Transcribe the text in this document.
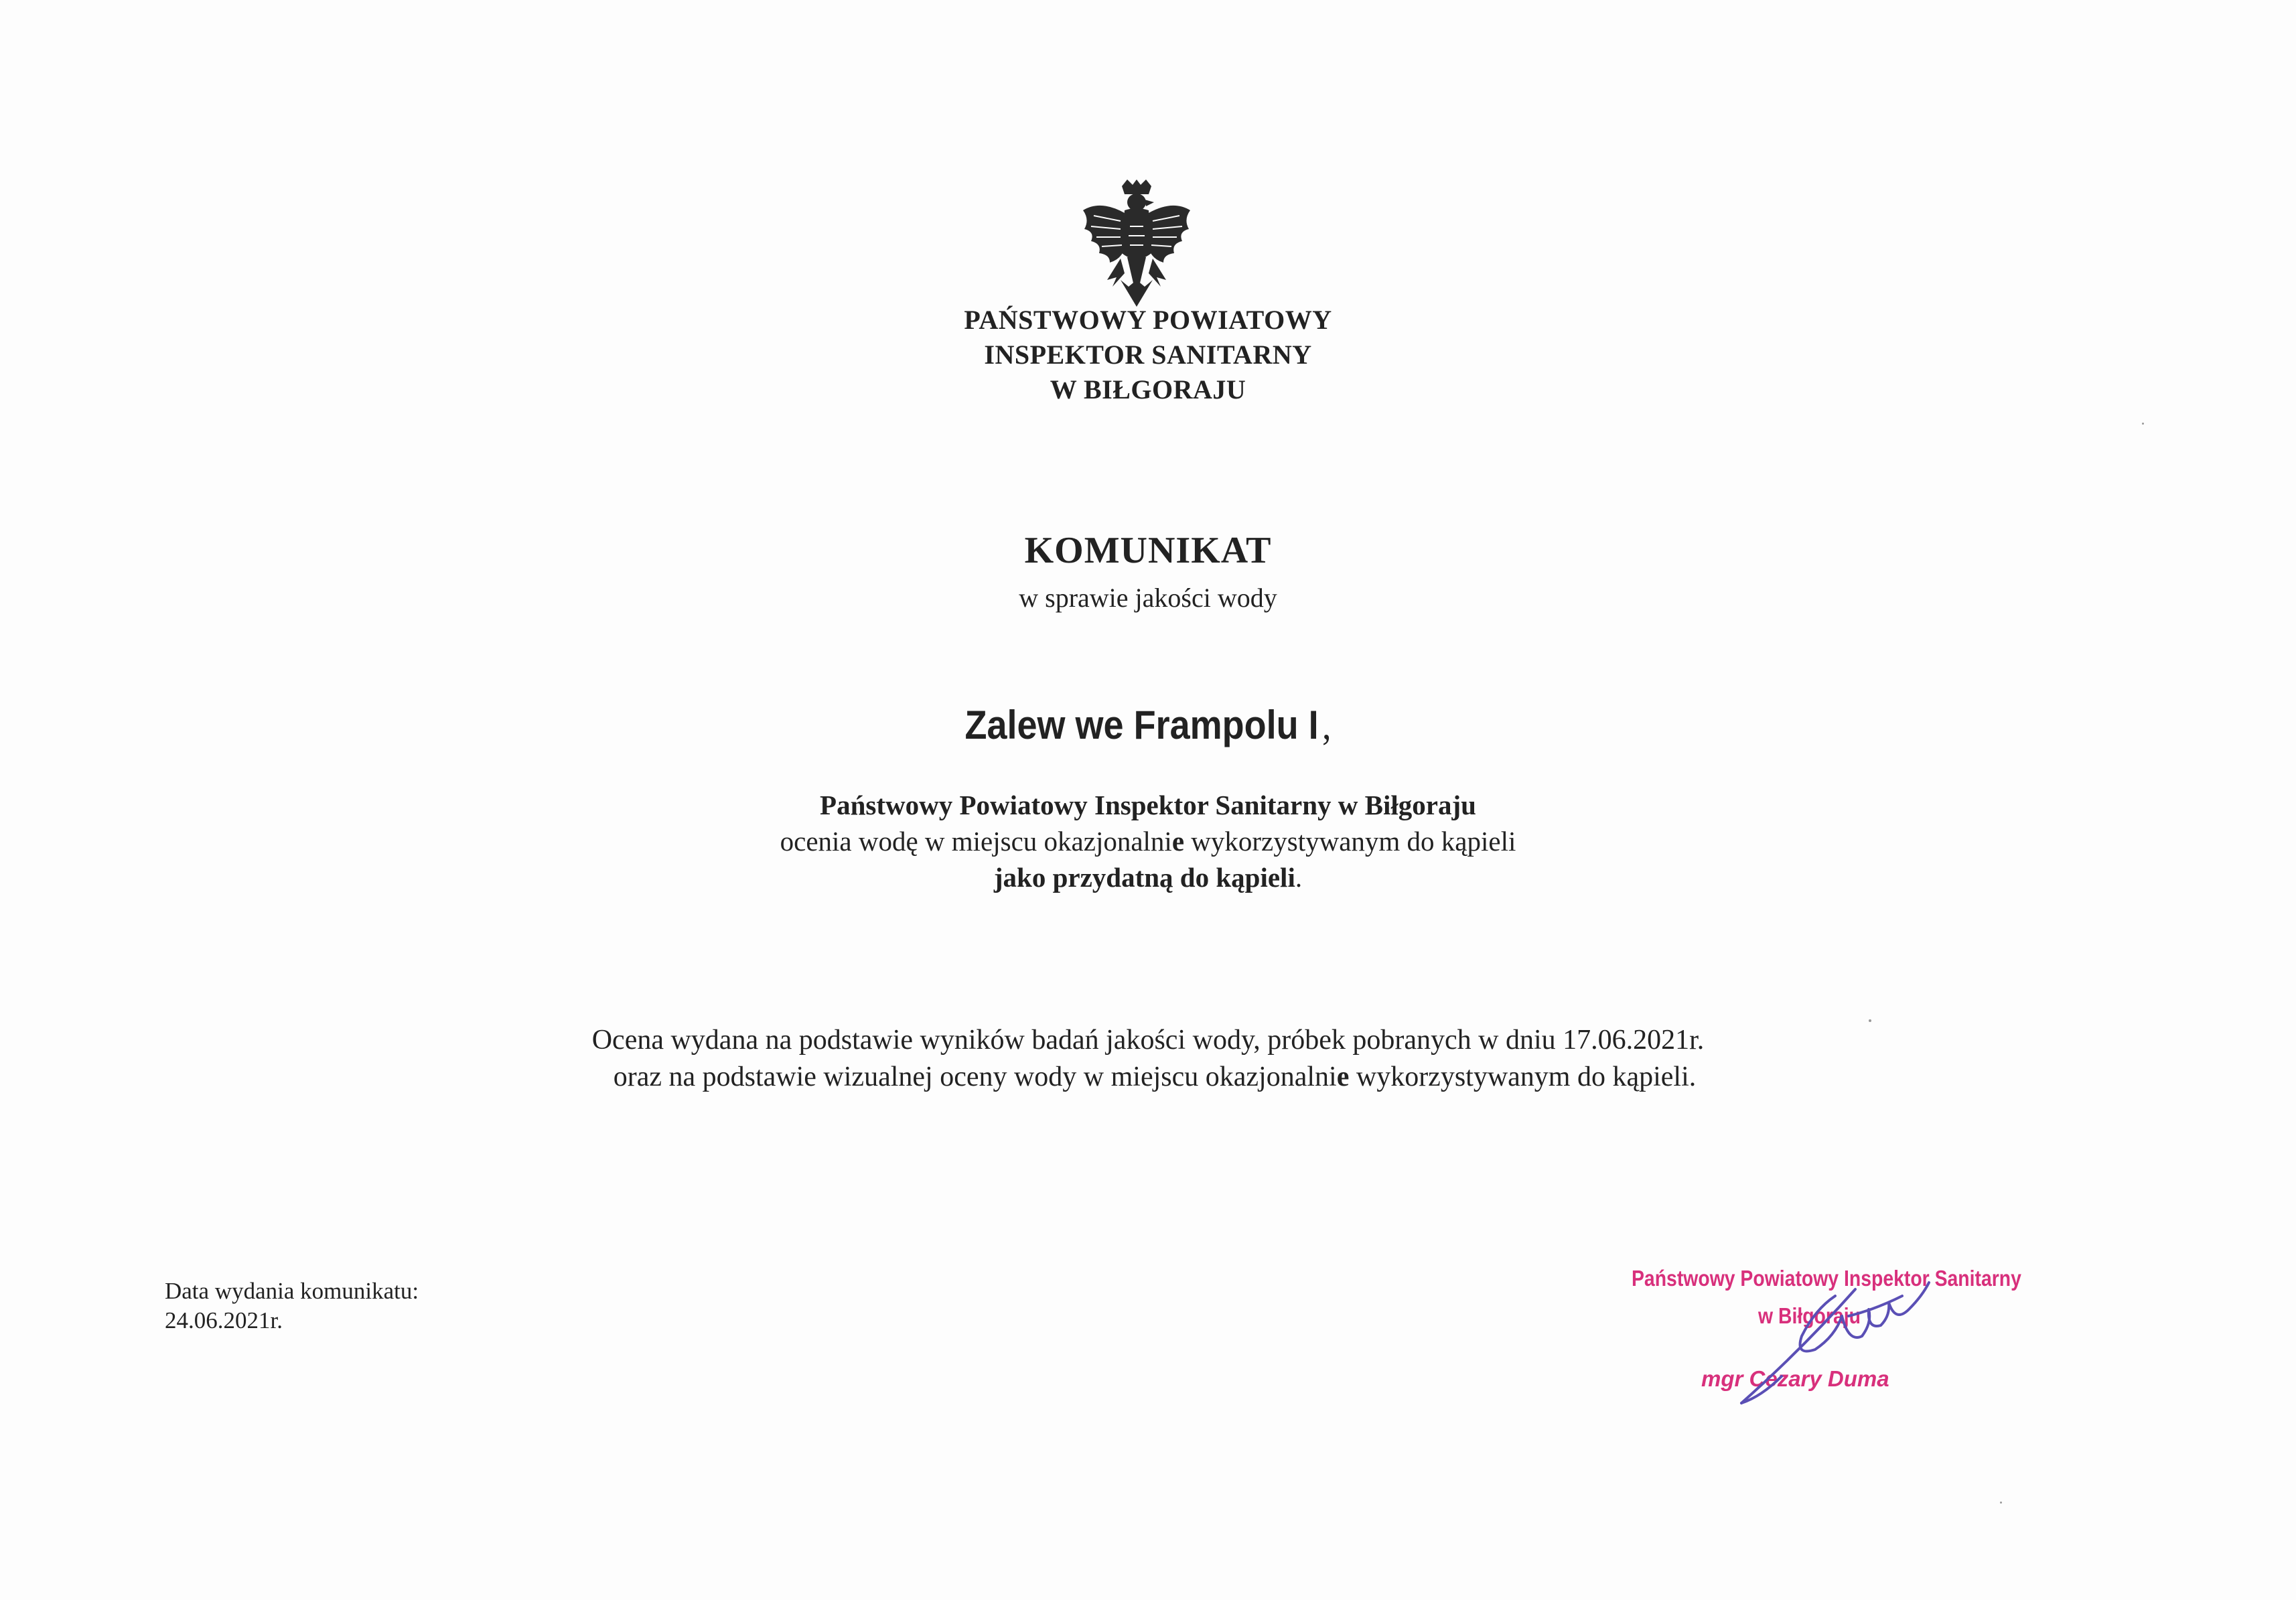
PAŃSTWOWY POWIATOWY
INSPEKTOR SANITARNY
W BIŁGORAJU
KOMUNIKAT
w sprawie jakości wody
Zalew we Frampolu I,
Państwowy Powiatowy Inspektor Sanitarny w Biłgoraju
ocenia wodę w miejscu okazjonalnie wykorzystywanym do kąpieli
jako przydatną do kąpieli.
Ocena wydana na podstawie wyników badań jakości wody, próbek pobranych w dniu 17.06.2021r.
oraz na podstawie wizualnej oceny wody w miejscu okazjonalnie wykorzystywanym do kąpieli.
Data wydania komunikatu:
24.06.2021r.
Państwowy Powiatowy Inspektor Sanitarny
w Biłgoraju
mgr Cezary Duma
